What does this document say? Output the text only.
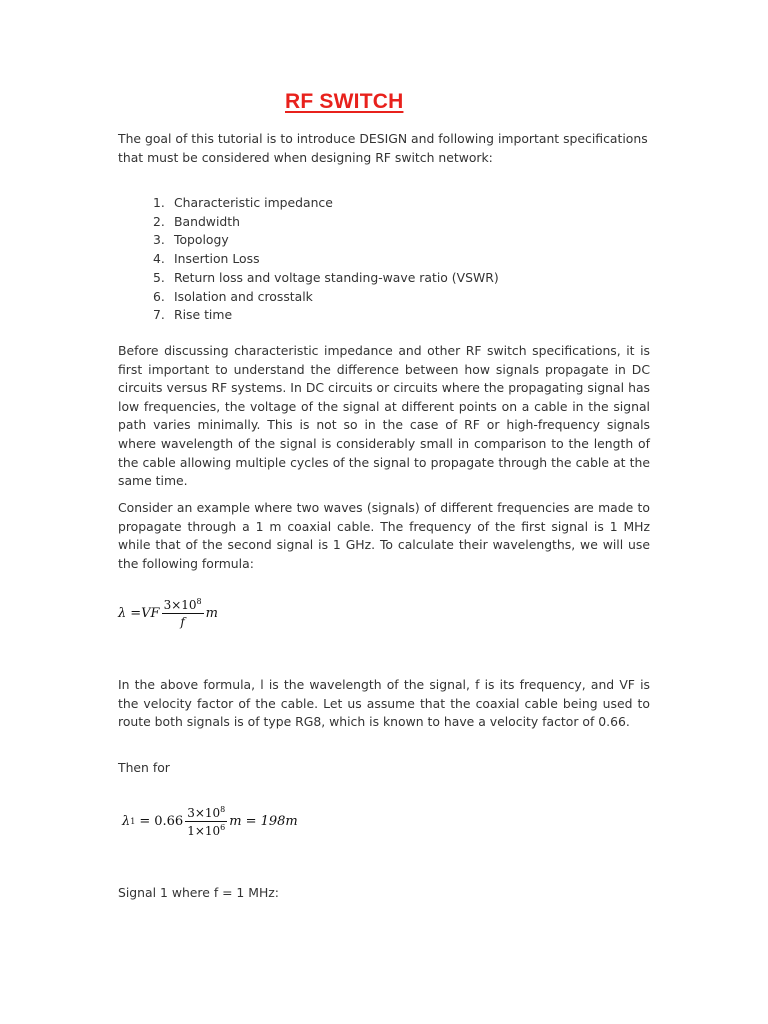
RF SWITCH

The goal of this tutorial is to introduce DESIGN and following important specifications that must be considered when designing RF switch network:

1. Characteristic impedance
2. Bandwidth
3. Topology
4. Insertion Loss
5. Return loss and voltage standing-wave ratio (VSWR)
6. Isolation and crosstalk
7. Rise time

Before discussing characteristic impedance and other RF switch specifications, it is first important to understand the difference between how signals propagate in DC circuits versus RF systems. In DC circuits or circuits where the propagating signal has low frequencies, the voltage of the signal at different points on a cable in the signal path varies minimally. This is not so in the case of RF or high-frequency signals where wavelength of the signal is considerably small in comparison to the length of the cable allowing multiple cycles of the signal to propagate through the cable at the same time.

Consider an example where two waves (signals) of different frequencies are made to propagate through a 1 m coaxial cable. The frequency of the first signal is 1 MHz while that of the second signal is 1 GHz. To calculate their wavelengths, we will use the following formula:

λ = VF $\frac{3\times 10^8}{f}$ m

In the above formula, l is the wavelength of the signal, f is its frequency, and VF is the velocity factor of the cable. Let us assume that the coaxial cable being used to route both signals is of type RG8, which is known to have a velocity factor of 0.66.

Then for

λ $1 = 0.66 \frac{3\times 10^8}{1\times 10^6}$ m = 198m

Signal 1 where f = 1 MHz:
